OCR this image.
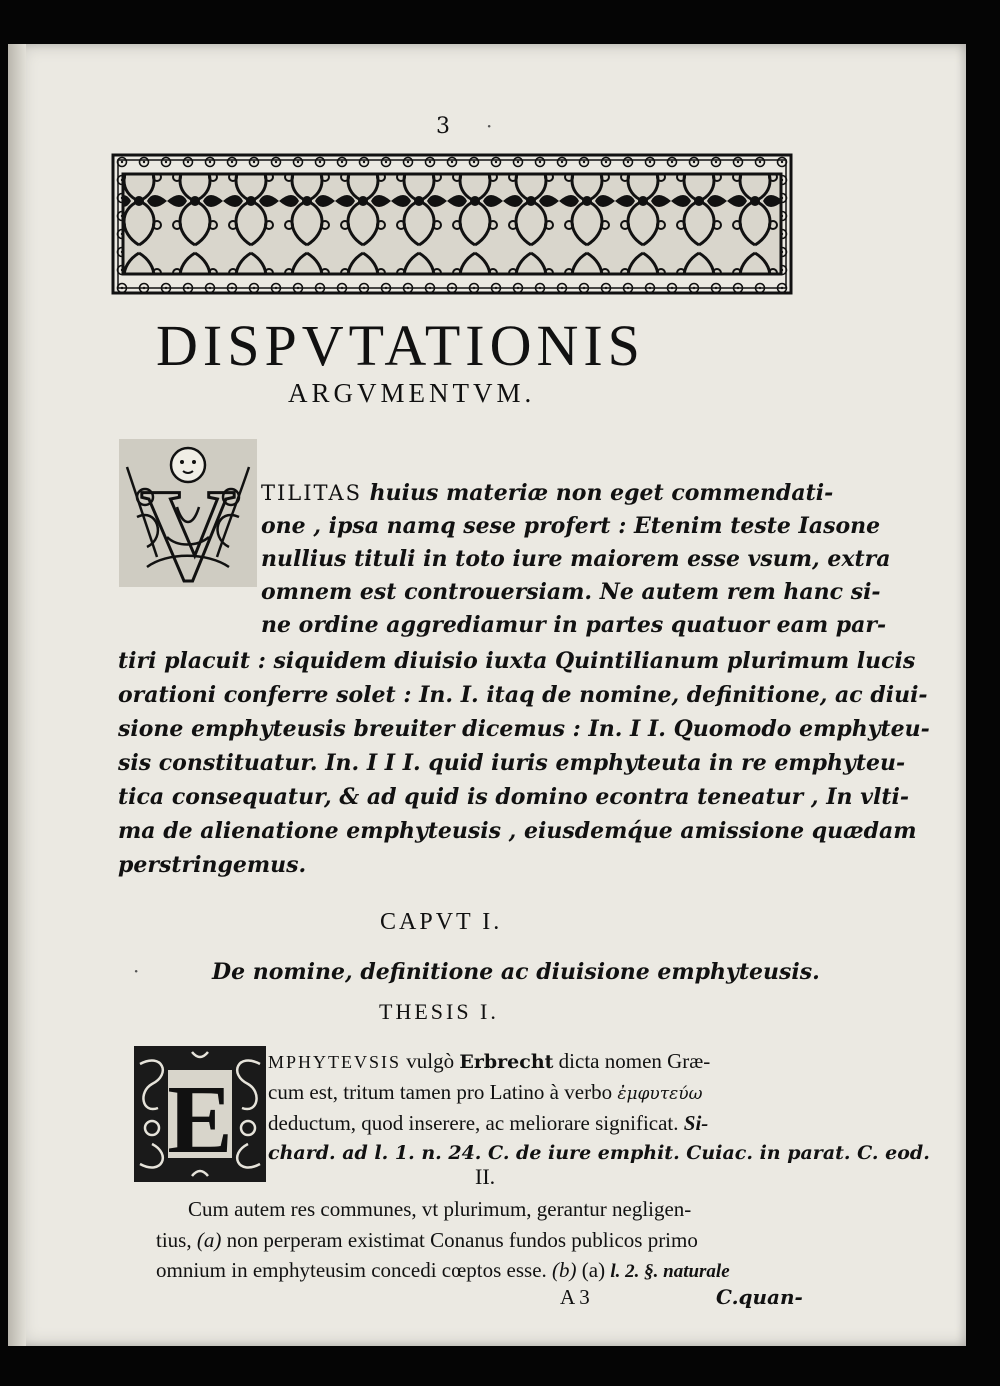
3 ·
DISPVTATIONIS
ARGVMENTVM.
V TILITAS huius materiæ non eget commendati-
one , ipsa namq̧ sese profert : Etenim teste Iasone
nullius tituli in toto iure maiorem esse vsum, extra
omnem est controuersiam. Ne autem rem hanc si-
ne ordine aggrediamur in partes quatuor eam par-
tiri placuit : siquidem diuisio iuxta Quintilianum plurimum lucis
orationi conferre solet : In. I. itaq̧ de nomine, definitione, ac diui-
sione emphyteusis breuiter dicemus : In. I I. Quomodo emphyteu-
sis constituatur. In. I I I. quid iuris emphyteuta in re emphyteu-
tica consequatur, & ad quid is domino econtra teneatur , In vlti-
ma de alienatione emphyteusis , eiusdemq́ue amissione quædam
perstringemus.
CAPVT I.
·	De nomine, definitione ac diuisione emphyteusis.
THESIS I.
E
MPHYTEVSIS vulgò Erbrecht dicta nomen Græ-
cum est, tritum tamen pro Latino à verbo ἐμφυτεύω
deductum, quod inserere, ac meliorare significat. Si-
chard. ad l. 1. n. 24. C. de iure emphit. Cuiac. in parat. C. eod.
II.
Cum autem res communes, vt plurimum, gerantur negligen-
tius, (a) non perperam existimat Conanus fundos publicos primo
omnium in emphyteusim concedi cœptos esse. (b) (a) l. 2. §. naturale
A 3	C.quan-
